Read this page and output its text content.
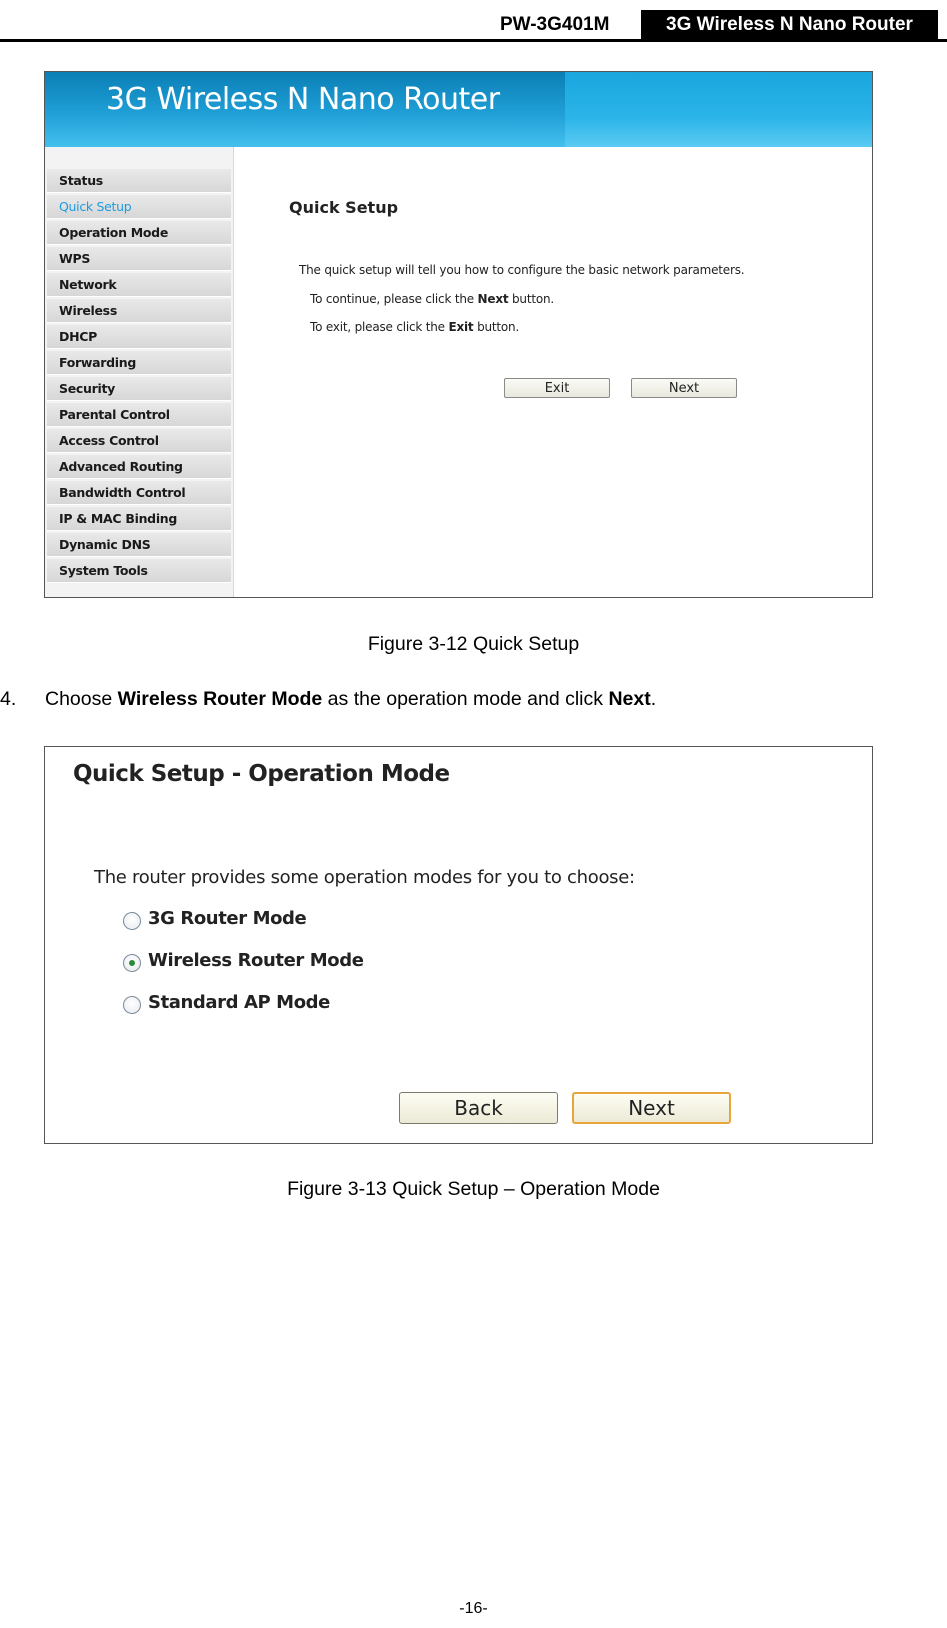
PW-3G401M	3G Wireless N Nano Router
3G Wireless N Nano Router
Status
Quick Setup
Operation Mode
WPS
Network
Wireless
DHCP
Forwarding
Security
Parental Control
Access Control
Advanced Routing
Bandwidth Control
IP & MAC Binding
Dynamic DNS
System Tools
Quick Setup
The quick setup will tell you how to configure the basic network parameters.
To continue, please click the Next button.
To exit, please click the Exit button.
Exit	Next
Figure 3-12 Quick Setup
4. Choose Wireless Router Mode as the operation mode and click Next.
Quick Setup - Operation Mode
The router provides some operation modes for you to choose:
3G Router Mode
Wireless Router Mode
Standard AP Mode
Back	Next
Figure 3-13 Quick Setup – Operation Mode
-16-
